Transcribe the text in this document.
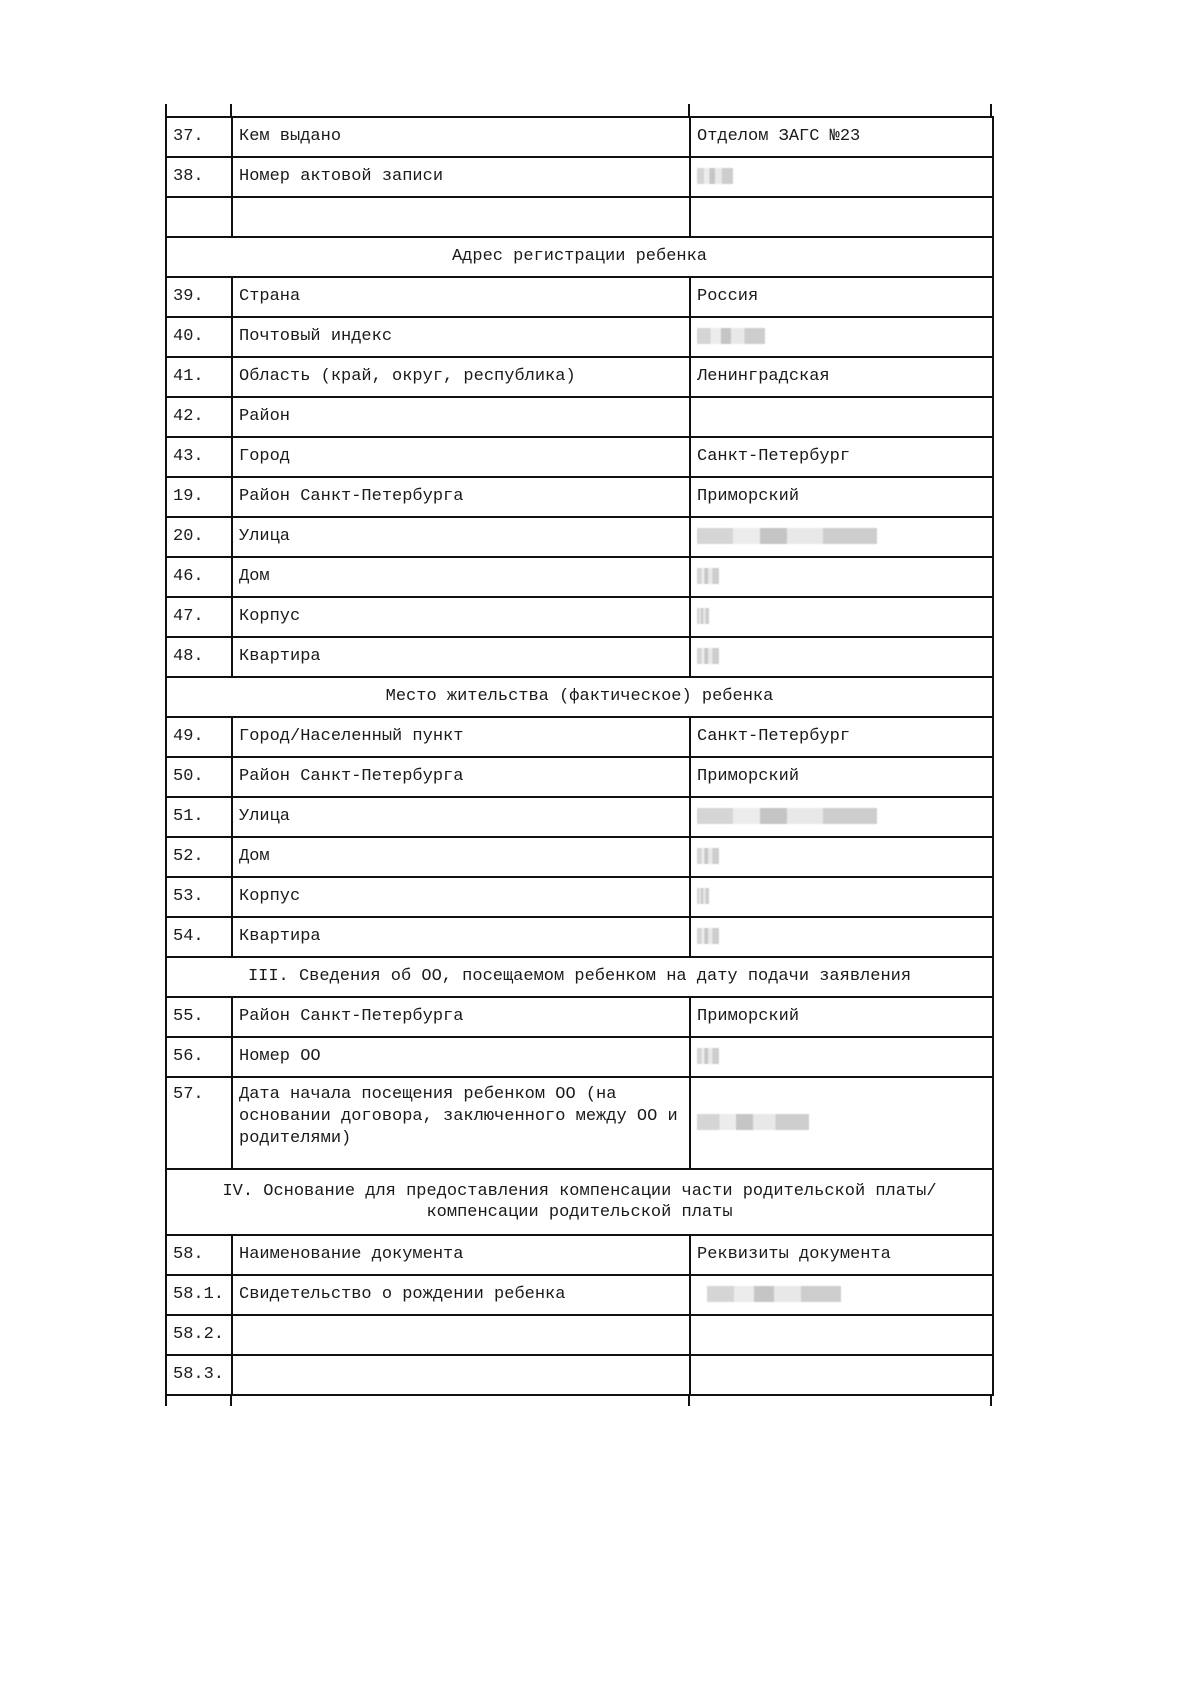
37.	Кем выдано	Отделом ЗАГС №23
38.	Номер актовой записи	

Адрес регистрации ребенка		
39.	Страна	Россия
40.	Почтовый индекс	
41.	Область (край, округ, республика)	Ленинградская
42.	Район	
43.	Город	Санкт-Петербург
19.	Район Санкт-Петербурга	Приморский
20.	Улица	
46.	Дом	
47.	Корпус	
48.	Квартира	
Место жительства (фактическое) ребенка		
49.	Город/Населенный пункт	Санкт-Петербург
50.	Район Санкт-Петербурга	Приморский
51.	Улица	
52.	Дом	
53.	Корпус	
54.	Квартира	
III. Сведения об ОО, посещаемом ребенком на дату подачи заявления		
55.	Район Санкт-Петербурга	Приморский
56.	Номер ОО	
57.	Дата начала посещения ребенком ОО (на основании договора, заключенного между ОО и родителями)	
IV. Основание для предоставления компенсации части родительской платы/компенсации родительской платы		
58.	Наименование документа	Реквизиты документа
58.1.	Свидетельство о рождении ребенка	
58.2.		
58.3.		
